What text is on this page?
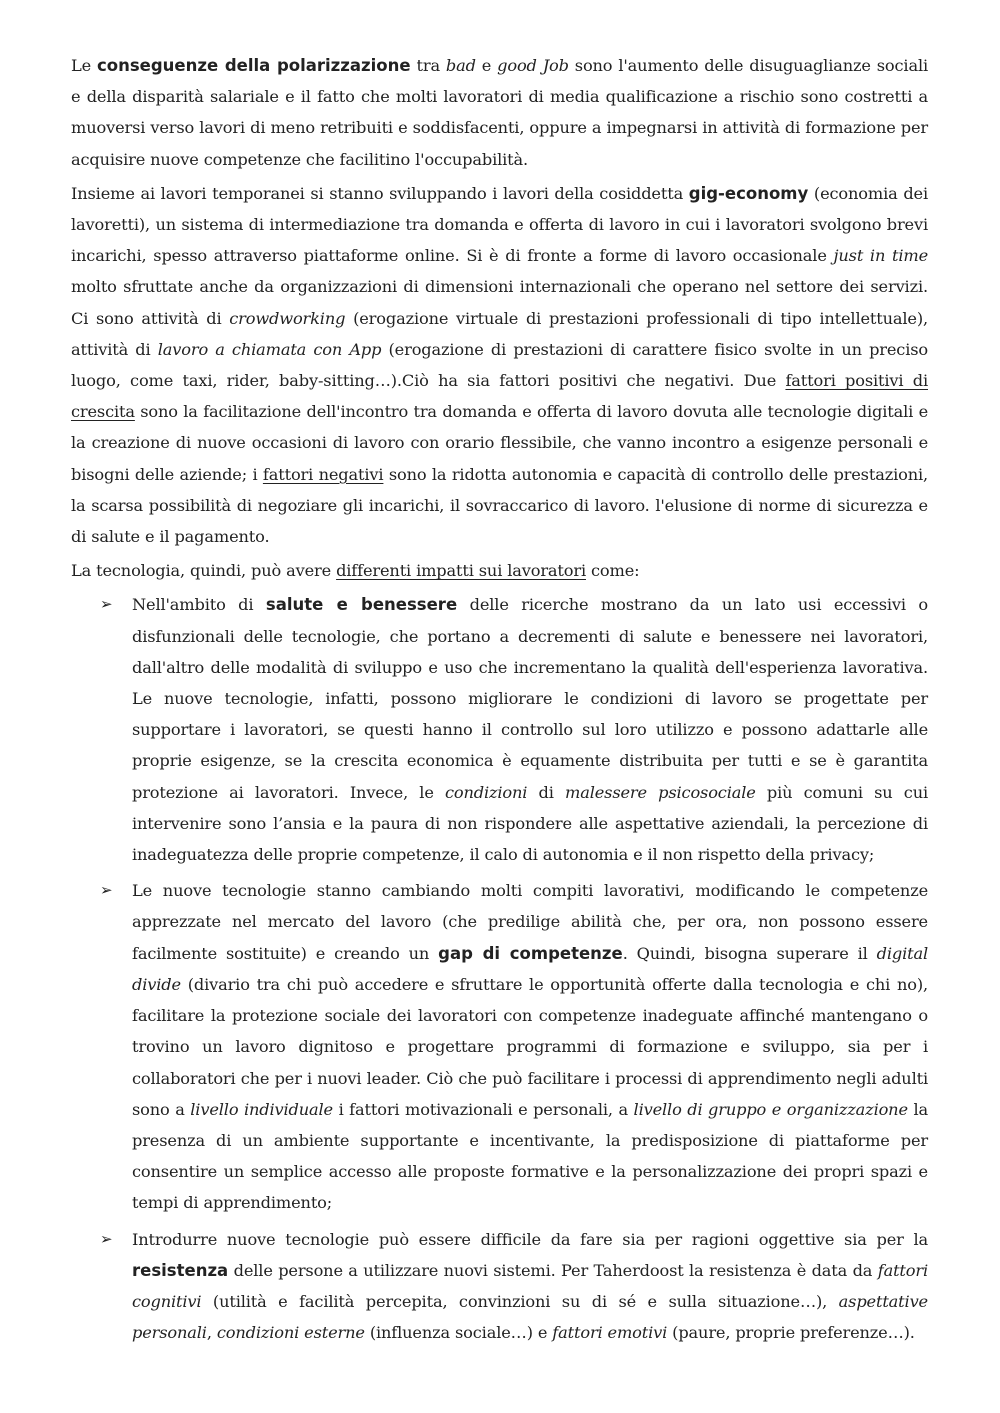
Le conseguenze della polarizzazione tra bad e good Job sono l'aumento delle disuguaglianze sociali e della disparità salariale e il fatto che molti lavoratori di media qualificazione a rischio sono costretti a muoversi verso lavori di meno retribuiti e soddisfacenti, oppure a impegnarsi in attività di formazione per acquisire nuove competenze che facilitino l'occupabilità.

Insieme ai lavori temporanei si stanno sviluppando i lavori della cosiddetta gig-economy (economia dei lavoretti), un sistema di intermediazione tra domanda e offerta di lavoro in cui i lavoratori svolgono brevi incarichi, spesso attraverso piattaforme online. Si è di fronte a forme di lavoro occasionale just in time molto sfruttate anche da organizzazioni di dimensioni internazionali che operano nel settore dei servizi. Ci sono attività di crowdworking (erogazione virtuale di prestazioni professionali di tipo intellettuale), attività di lavoro a chiamata con App (erogazione di prestazioni di carattere fisico svolte in un preciso luogo, come taxi, rider, baby-sitting…).Ciò ha sia fattori positivi che negativi. Due fattori positivi di crescita sono la facilitazione dell'incontro tra domanda e offerta di lavoro dovuta alle tecnologie digitali e la creazione di nuove occasioni di lavoro con orario flessibile, che vanno incontro a esigenze personali e bisogni delle aziende; i fattori negativi sono la ridotta autonomia e capacità di controllo delle prestazioni, la scarsa possibilità di negoziare gli incarichi, il sovraccarico di lavoro. l'elusione di norme di sicurezza e di salute e il pagamento.

La tecnologia, quindi, può avere differenti impatti sui lavoratori come:

➢ Nell'ambito di salute e benessere delle ricerche mostrano da un lato usi eccessivi o disfunzionali delle tecnologie, che portano a decrementi di salute e benessere nei lavoratori, dall'altro delle modalità di sviluppo e uso che incrementano la qualità dell'esperienza lavorativa. Le nuove tecnologie, infatti, possono migliorare le condizioni di lavoro se progettate per supportare i lavoratori, se questi hanno il controllo sul loro utilizzo e possono adattarle alle proprie esigenze, se la crescita economica è equamente distribuita per tutti e se è garantita protezione ai lavoratori. Invece, le condizioni di malessere psicosociale più comuni su cui intervenire sono l’ansia e la paura di non rispondere alle aspettative aziendali, la percezione di inadeguatezza delle proprie competenze, il calo di autonomia e il non rispetto della privacy;
➢ Le nuove tecnologie stanno cambiando molti compiti lavorativi, modificando le competenze apprezzate nel mercato del lavoro (che predilige abilità che, per ora, non possono essere facilmente sostituite) e creando un gap di competenze. Quindi, bisogna superare il digital divide (divario tra chi può accedere e sfruttare le opportunità offerte dalla tecnologia e chi no), facilitare la protezione sociale dei lavoratori con competenze inadeguate affinché mantengano o trovino un lavoro dignitoso e progettare programmi di formazione e sviluppo, sia per i collaboratori che per i nuovi leader. Ciò che può facilitare i processi di apprendimento negli adulti sono a livello individuale i fattori motivazionali e personali, a livello di gruppo e organizzazione la presenza di un ambiente supportante e incentivante, la predisposizione di piattaforme per consentire un semplice accesso alle proposte formative e la personalizzazione dei propri spazi e tempi di apprendimento;
➢ Introdurre nuove tecnologie può essere difficile da fare sia per ragioni oggettive sia per la resistenza delle persone a utilizzare nuovi sistemi. Per Taherdoost la resistenza è data da fattori cognitivi (utilità e facilità percepita, convinzioni su di sé e sulla situazione…), aspettative personali, condizioni esterne (influenza sociale…) e fattori emotivi (paure, proprie preferenze…).
